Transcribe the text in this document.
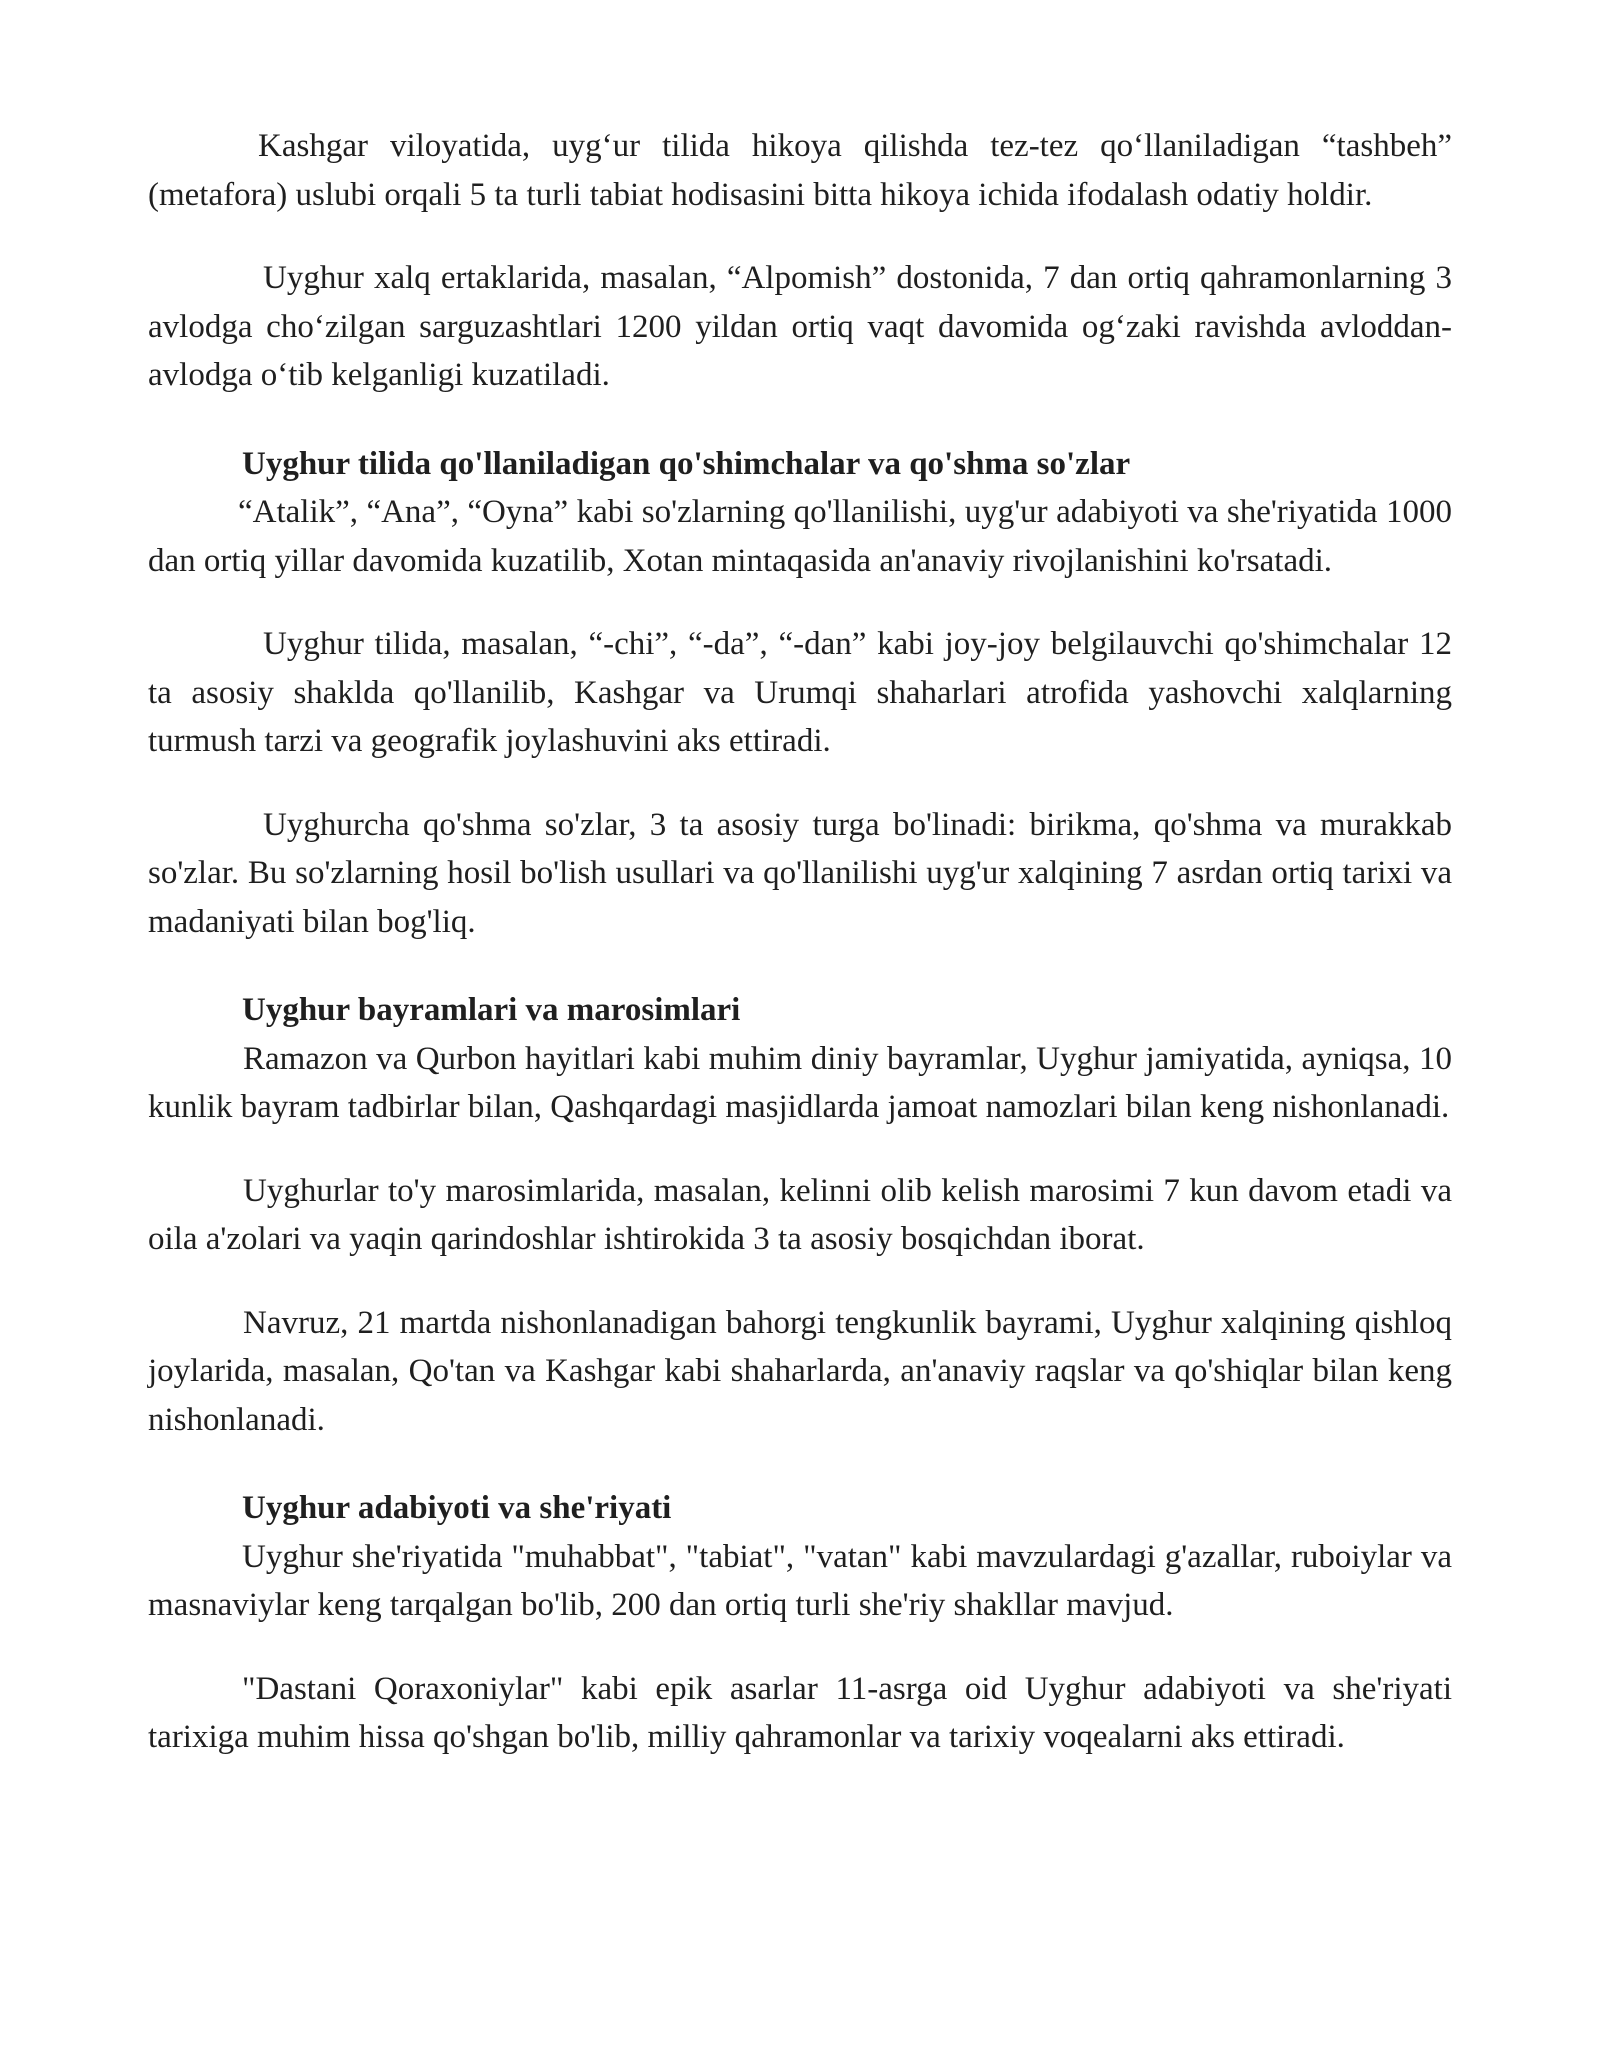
Kashgar viloyatida, uygʻur tilida hikoya qilishda tez-tez qoʻllaniladigan “tashbeh” (metafora) uslubi orqali 5 ta turli tabiat hodisasini bitta hikoya ichida ifodalash odatiy holdir.

Uyghur xalq ertaklarida, masalan, “Alpomish” dostonida, 7 dan ortiq qahramonlarning 3 avlodga choʻzilgan sarguzashtlari 1200 yildan ortiq vaqt davomida ogʻzaki ravishda avloddan-avlodga oʻtib kelganligi kuzatiladi.

Uyghur tilida qo'llaniladigan qo'shimchalar va qo'shma so'zlar

“Atalik”, “Ana”, “Oyna” kabi so'zlarning qo'llanilishi, uyg'ur adabiyoti va she'riyatida 1000 dan ortiq yillar davomida kuzatilib, Xotan mintaqasida an'anaviy rivojlanishini ko'rsatadi.

Uyghur tilida, masalan, “-chi”, “-da”, “-dan” kabi joy-joy belgilauvchi qo'shimchalar 12 ta asosiy shaklda qo'llanilib, Kashgar va Urumqi shaharlari atrofida yashovchi xalqlarning turmush tarzi va geografik joylashuvini aks ettiradi.

Uyghurcha qo'shma so'zlar, 3 ta asosiy turga bo'linadi: birikma, qo'shma va murakkab so'zlar. Bu so'zlarning hosil bo'lish usullari va qo'llanilishi uyg'ur xalqining 7 asrdan ortiq tarixi va madaniyati bilan bog'liq.

Uyghur bayramlari va marosimlari

Ramazon va Qurbon hayitlari kabi muhim diniy bayramlar, Uyghur jamiyatida, ayniqsa, 10 kunlik bayram tadbirlar bilan, Qashqardagi masjidlarda jamoat namozlari bilan keng nishonlanadi.

Uyghurlar to'y marosimlarida, masalan, kelinni olib kelish marosimi 7 kun davom etadi va oila a'zolari va yaqin qarindoshlar ishtirokida 3 ta asosiy bosqichdan iborat.

Navruz, 21 martda nishonlanadigan bahorgi tengkunlik bayrami, Uyghur xalqining qishloq joylarida, masalan, Qo'tan va Kashgar kabi shaharlarda, an'anaviy raqslar va qo'shiqlar bilan keng nishonlanadi.

Uyghur adabiyoti va she'riyati

Uyghur she'riyatida "muhabbat", "tabiat", "vatan" kabi mavzulardagi g'azallar, ruboiylar va masnaviylar keng tarqalgan bo'lib, 200 dan ortiq turli she'riy shakllar mavjud.

"Dastani Qoraxoniylar" kabi epik asarlar 11-asrga oid Uyghur adabiyoti va she'riyati tarixiga muhim hissa qo'shgan bo'lib, milliy qahramonlar va tarixiy voqealarni aks ettiradi.
